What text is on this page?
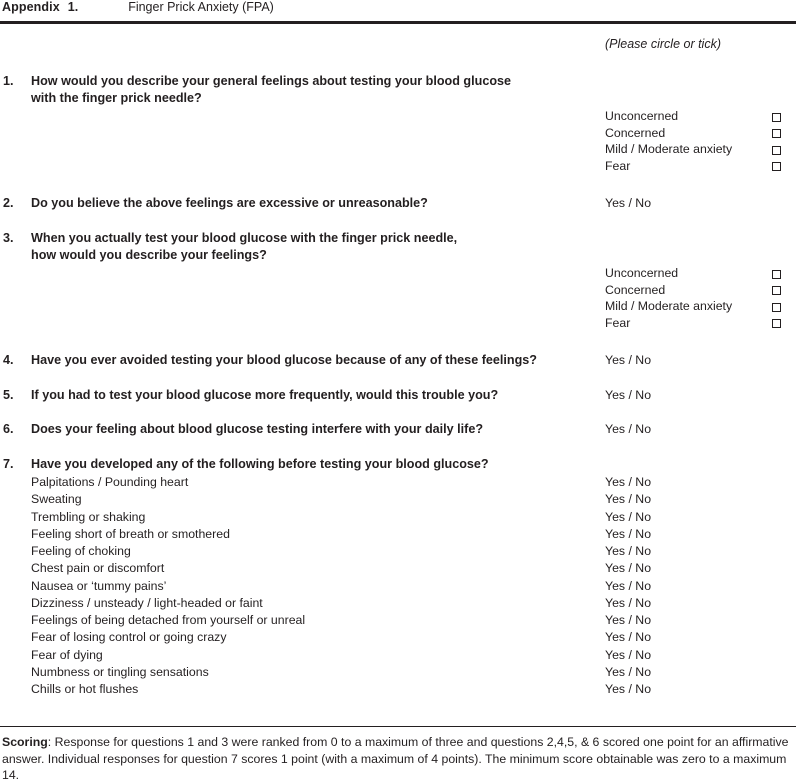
Appendix 1.	Finger Prick Anxiety (FPA)
(Please circle or tick)
1.	How would you describe your general feelings about testing your blood glucose
with the finger prick needle?
Unconcerned
Concerned
Mild / Moderate anxiety
Fear
2.	Do you believe the above feelings are excessive or unreasonable?	Yes / No
3.	When you actually test your blood glucose with the finger prick needle,
how would you describe your feelings?
Unconcerned
Concerned
Mild / Moderate anxiety
Fear
4.	Have you ever avoided testing your blood glucose because of any of these feelings?	Yes / No
5.	If you had to test your blood glucose more frequently, would this trouble you?	Yes / No
6.	Does your feeling about blood glucose testing interfere with your daily life?	Yes / No
7.	Have you developed any of the following before testing your blood glucose?
Palpitations / Pounding heart	Yes / No
Sweating	Yes / No
Trembling or shaking	Yes / No
Feeling short of breath or smothered	Yes / No
Feeling of choking	Yes / No
Chest pain or discomfort	Yes / No
Nausea or ‘tummy pains’	Yes / No
Dizziness / unsteady / light-headed or faint	Yes / No
Feelings of being detached from yourself or unreal	Yes / No
Fear of losing control or going crazy	Yes / No
Fear of dying	Yes / No
Numbness or tingling sensations	Yes / No
Chills or hot flushes	Yes / No
Scoring: Response for questions 1 and 3 were ranked from 0 to a maximum of three and questions 2,4,5, & 6 scored one point for an affirmative answer. Individual responses for question 7 scores 1 point (with a maximum of 4 points). The minimum score obtainable was zero to a maximum 14.
